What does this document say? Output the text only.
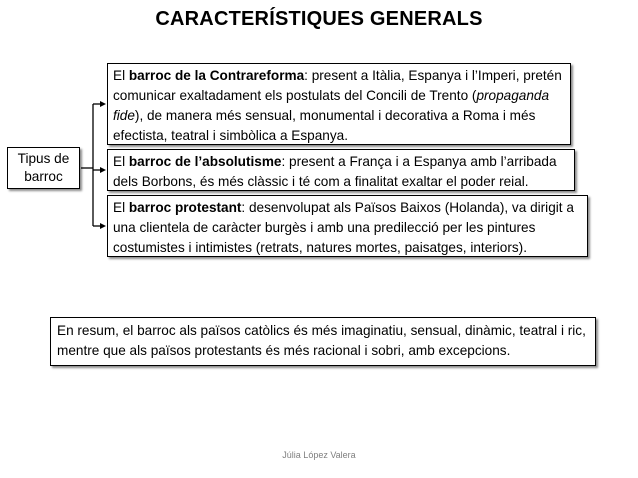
CARACTERÍSTIQUES GENERALS
Tipus de
barroc
El barroc de la Contrareforma: present a Itàlia, Espanya i l’Imperi, pretén comunicar exaltadament els postulats del Concili de Trento (propaganda fide), de manera més sensual, monumental i decorativa a Roma i més efectista, teatral i simbòlica a Espanya.
El barroc de l’absolutisme: present a França i a Espanya amb l’arribada dels Borbons, és més clàssic i té com a finalitat exaltar el poder reial.
El barroc protestant: desenvolupat als Països Baixos (Holanda), va dirigit a una clientela de caràcter burgès i amb una predilecció per les pintures costumistes i intimistes (retrats, natures mortes, paisatges, interiors).
En resum, el barroc als països catòlics és més imaginatiu, sensual, dinàmic, teatral i ric, mentre que als països protestants és més racional i sobri, amb excepcions.
Júlia López Valera
